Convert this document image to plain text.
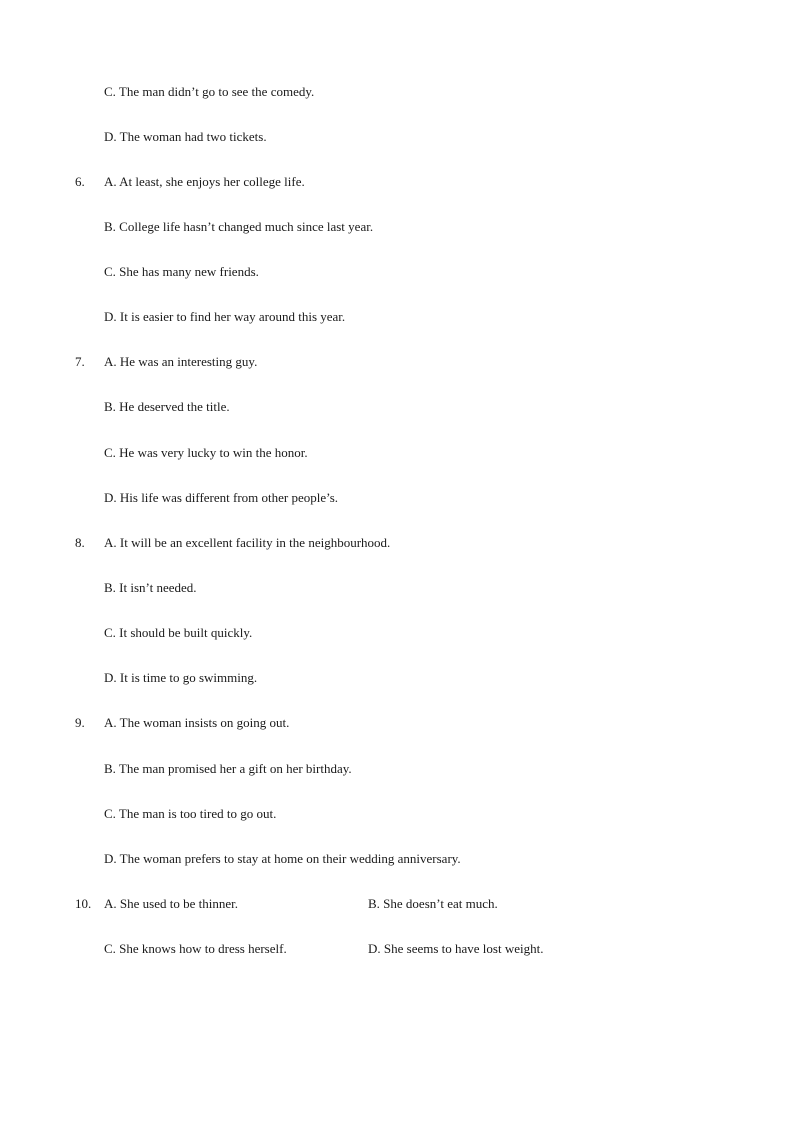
C. The man didn’t go to see the comedy.
D. The woman had two tickets.
6. A. At least, she enjoys her college life.
B. College life hasn’t changed much since last year.
C. She has many new friends.
D. It is easier to find her way around this year.
7. A. He was an interesting guy.
B. He deserved the title.
C. He was very lucky to win the honor.
D. His life was different from other people’s.
8. A. It will be an excellent facility in the neighbourhood.
B. It isn’t needed.
C. It should be built quickly.
D. It is time to go swimming.
9. A. The woman insists on going out.
B. The man promised her a gift on her birthday.
C. The man is too tired to go out.
D. The woman prefers to stay at home on their wedding anniversary.
10. A. She used to be thinner.	B. She doesn’t eat much.
C. She knows how to dress herself.	D. She seems to have lost weight.
